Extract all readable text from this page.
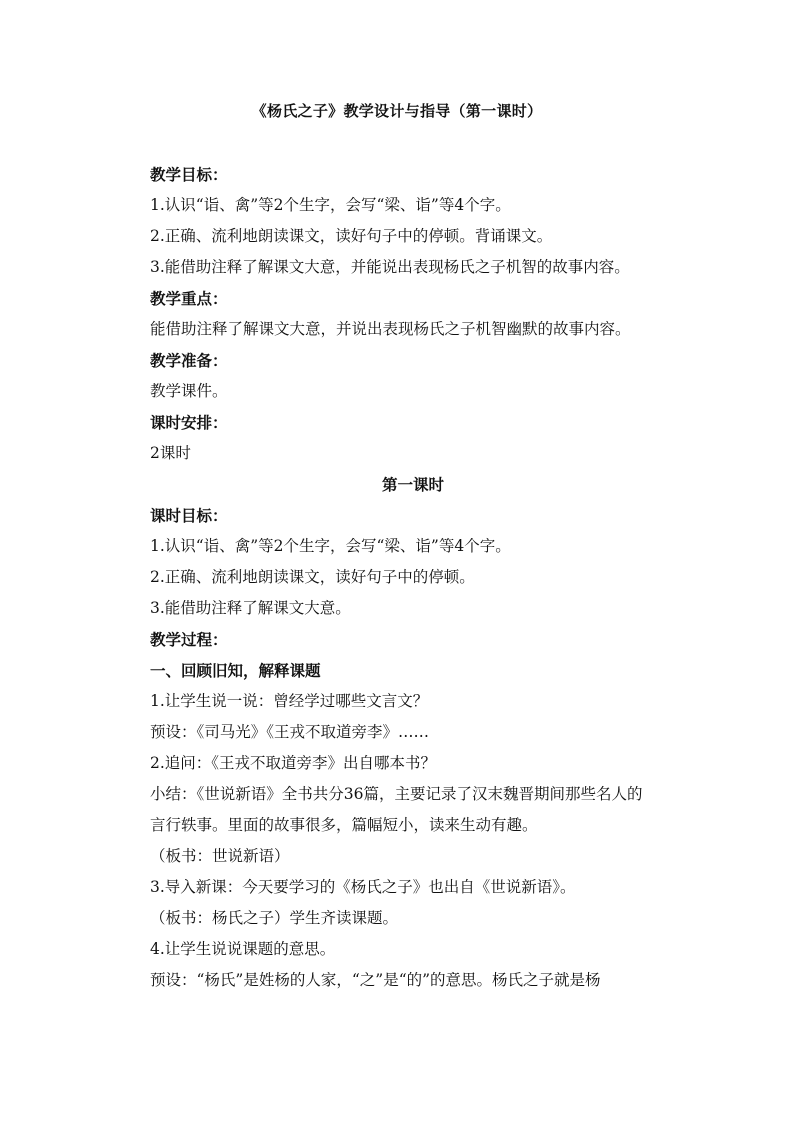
《杨氏之子》教学设计与指导（第一课时）
教学目标：
1.认识“诣、禽”等2个生字，会写“梁、诣”等4个字。
2.正确、流利地朗读课文，读好句子中的停顿。背诵课文。
3.能借助注释了解课文大意，并能说出表现杨氏之子机智的故事内容。
教学重点：
能借助注释了解课文大意，并说出表现杨氏之子机智幽默的故事内容。
教学准备：
教学课件。
课时安排：
2课时
第一课时
课时目标：
1.认识“诣、禽”等2个生字，会写“梁、诣”等4个字。
2.正确、流利地朗读课文，读好句子中的停顿。
3.能借助注释了解课文大意。
教学过程：
一、回顾旧知，解释课题
1.让学生说一说：曾经学过哪些文言文？
预设：《司马光》《王戎不取道旁李》……
2.追问：《王戎不取道旁李》出自哪本书？
小结：《世说新语》全书共分36篇，主要记录了汉末魏晋期间那些名人的
言行轶事。里面的故事很多，篇幅短小，读来生动有趣。
（板书：世说新语）
3.导入新课：今天要学习的《杨氏之子》也出自《世说新语》。
（板书：杨氏之子）学生齐读课题。
4.让学生说说课题的意思。
预设：“杨氏”是姓杨的人家，“之”是“的”的意思。杨氏之子就是杨
